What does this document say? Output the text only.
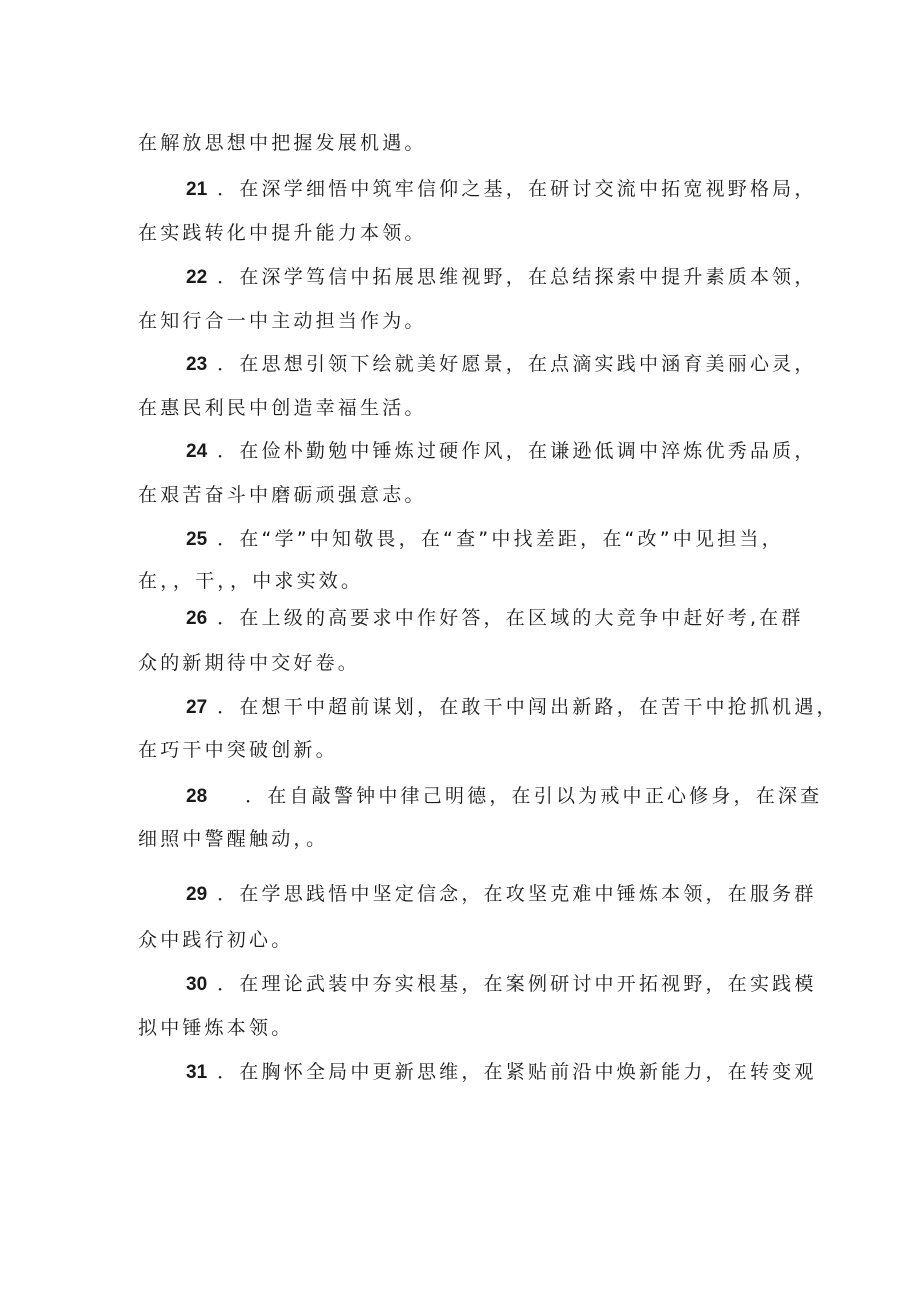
在解放思想中把握发展机遇。
21 ．在深学细悟中筑牢信仰之基，在研讨交流中拓宽视野格局，
在实践转化中提升能力本领。
22 ．在深学笃信中拓展思维视野，在总结探索中提升素质本领，
在知行合一中主动担当作为。
23 ．在思想引领下绘就美好愿景，在点滴实践中涵育美丽心灵，
在惠民利民中创造幸福生活。
24 ．在俭朴勤勉中锤炼过硬作风，在谦逊低调中淬炼优秀品质，
在艰苦奋斗中磨砺顽强意志。
25 ．在“学”中知敬畏，在“查”中找差距，在“改”中见担当，
在，，干，，中求实效。
26 ．在上级的高要求中作好答，在区域的大竞争中赶好考,在群
众的新期待中交好卷。
27 ．在想干中超前谋划，在敢干中闯出新路，在苦干中抢抓机遇，
在巧干中突破创新。
28 ．在自敲警钟中律己明德，在引以为戒中正心修身，在深查
细照中警醒触动，。
29 ．在学思践悟中坚定信念，在攻坚克难中锤炼本领，在服务群
众中践行初心。
30 ．在理论武装中夯实根基，在案例研讨中开拓视野，在实践模
拟中锤炼本领。
31 ．在胸怀全局中更新思维，在紧贴前沿中焕新能力，在转变观
